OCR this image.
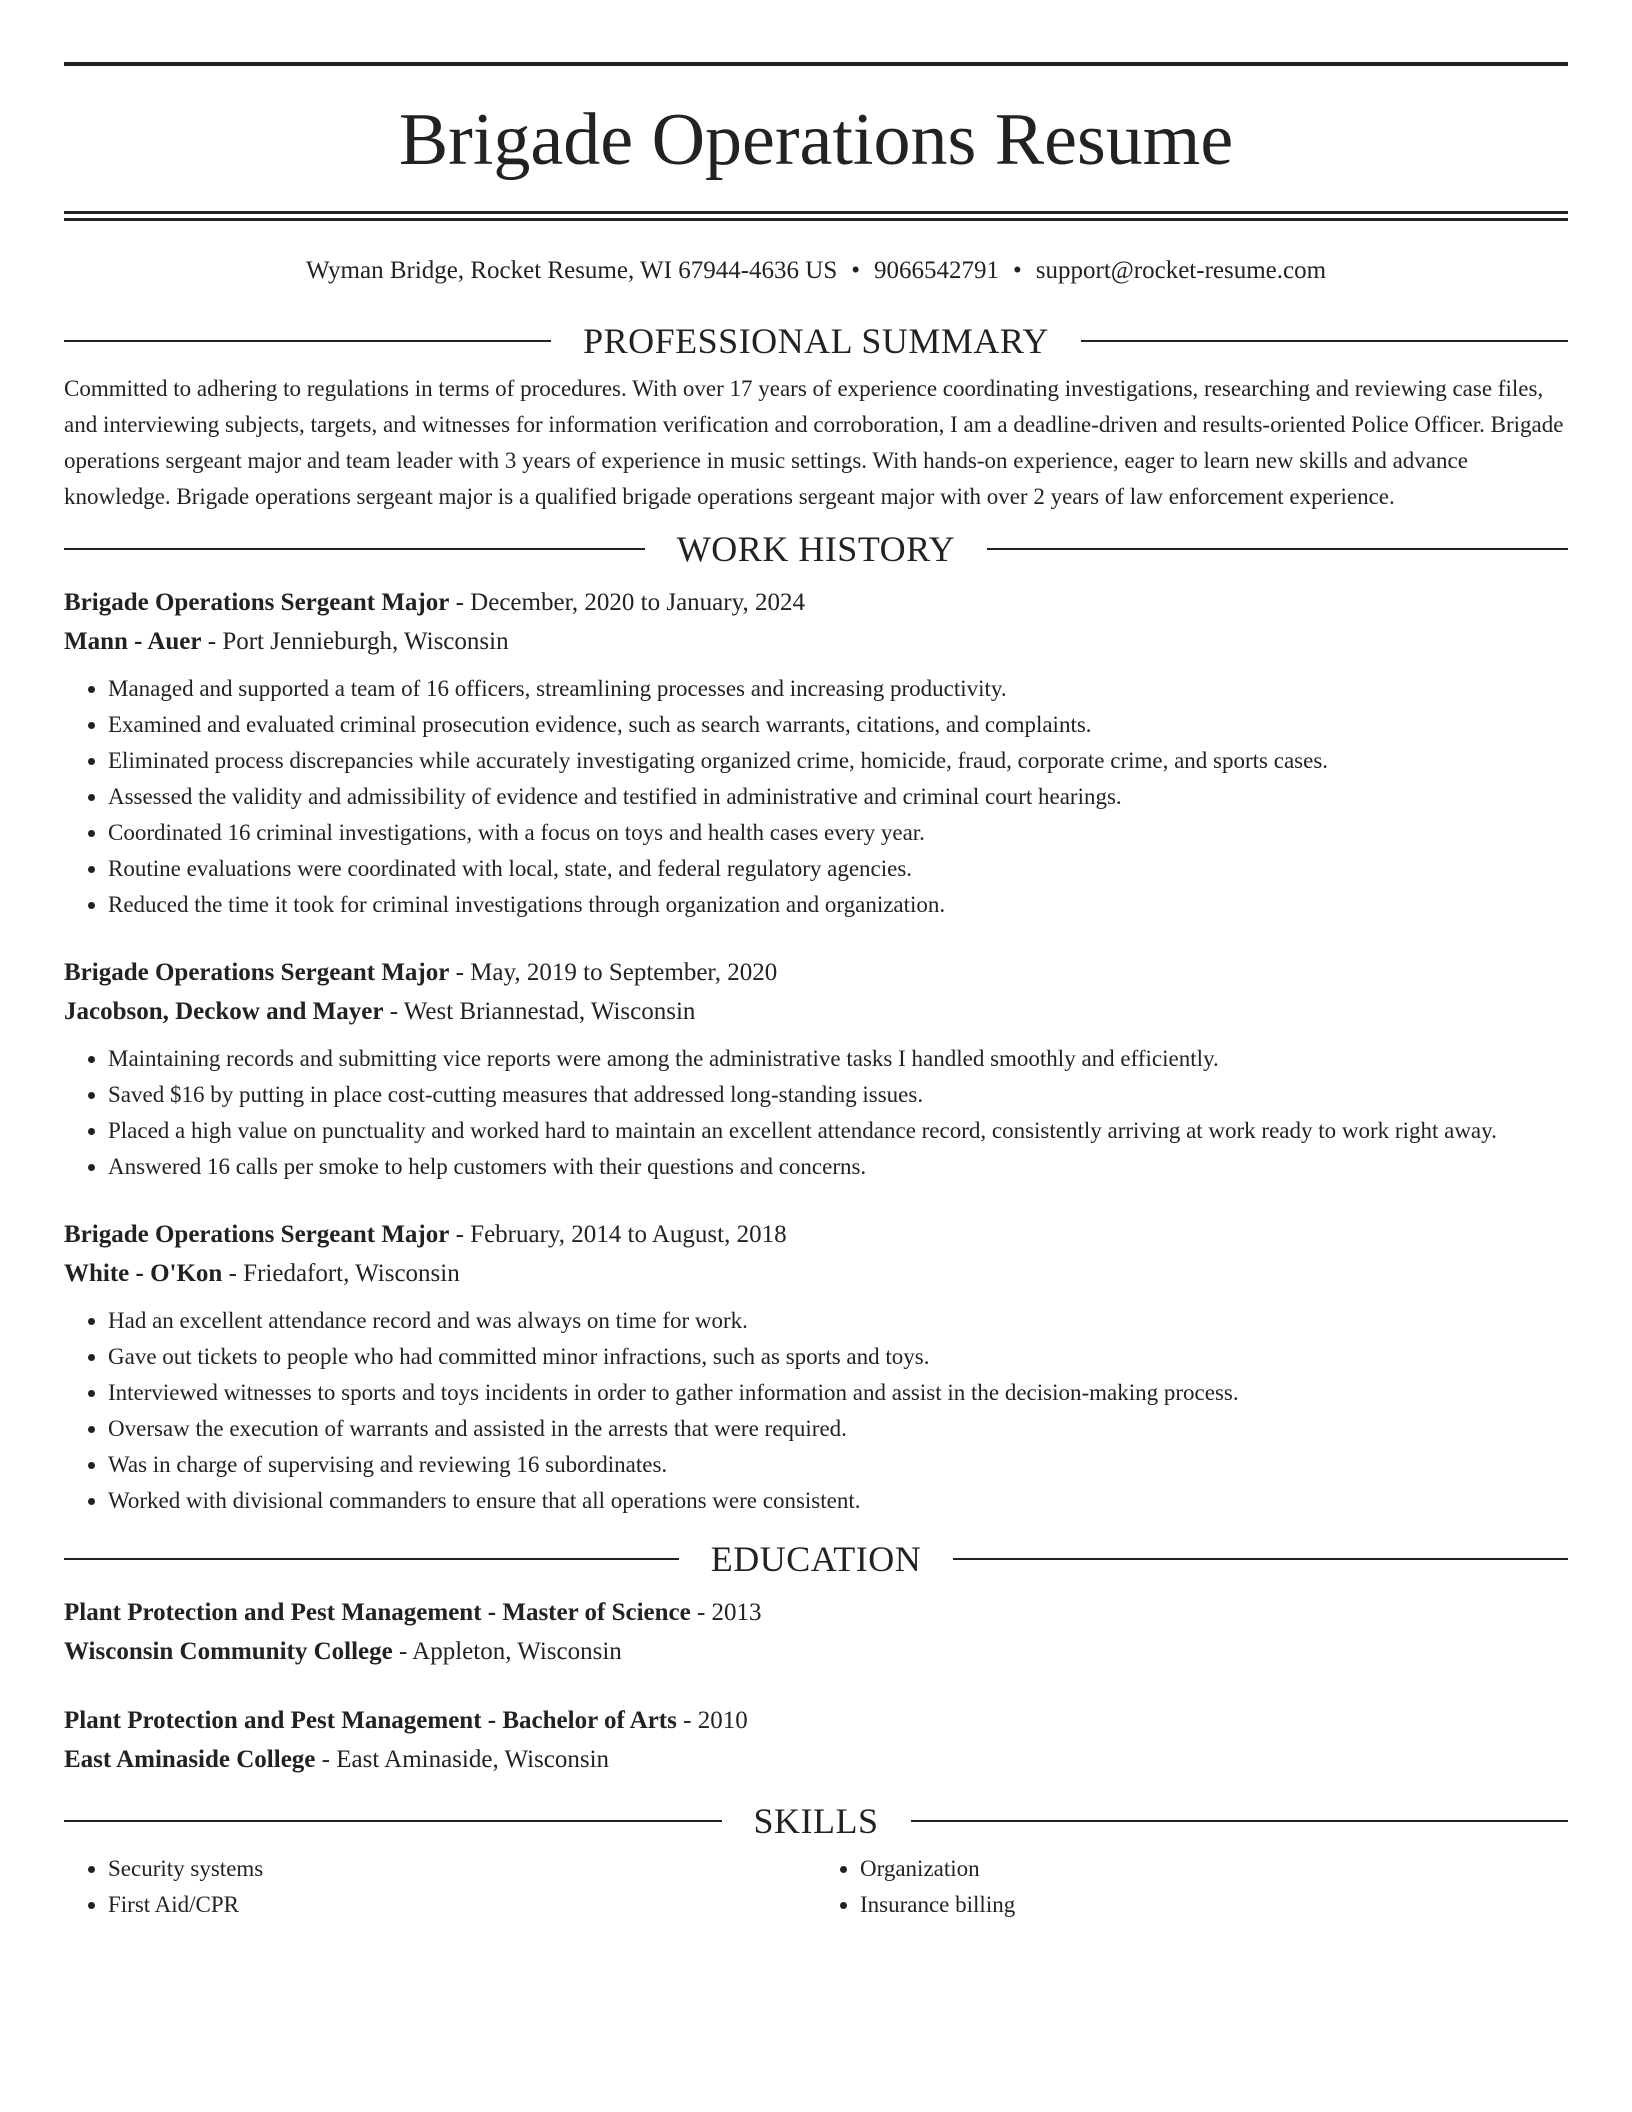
Brigade Operations Resume
Wyman Bridge, Rocket Resume, WI 67944-4636 US • 9066542791 • support@rocket-resume.com
PROFESSIONAL SUMMARY

Committed to adhering to regulations in terms of procedures. With over 17 years of experience coordinating investigations, researching and reviewing case files, and interviewing subjects, targets, and witnesses for information verification and corroboration, I am a deadline-driven and results-oriented Police Officer. Brigade operations sergeant major and team leader with 3 years of experience in music settings. With hands-on experience, eager to learn new skills and advance knowledge. Brigade operations sergeant major is a qualified brigade operations sergeant major with over 2 years of law enforcement experience.

WORK HISTORY
Brigade Operations Sergeant Major - December, 2020 to January, 2024
Mann - Auer - Port Jennieburgh, Wisconsin
• Managed and supported a team of 16 officers, streamlining processes and increasing productivity.
• Examined and evaluated criminal prosecution evidence, such as search warrants, citations, and complaints.
• Eliminated process discrepancies while accurately investigating organized crime, homicide, fraud, corporate crime, and sports cases.
• Assessed the validity and admissibility of evidence and testified in administrative and criminal court hearings.
• Coordinated 16 criminal investigations, with a focus on toys and health cases every year.
• Routine evaluations were coordinated with local, state, and federal regulatory agencies.
• Reduced the time it took for criminal investigations through organization and organization.
Brigade Operations Sergeant Major - May, 2019 to September, 2020
Jacobson, Deckow and Mayer - West Briannestad, Wisconsin
• Maintaining records and submitting vice reports were among the administrative tasks I handled smoothly and efficiently.
• Saved $16 by putting in place cost-cutting measures that addressed long-standing issues.
• Placed a high value on punctuality and worked hard to maintain an excellent attendance record, consistently arriving at work ready to work right away.
• Answered 16 calls per smoke to help customers with their questions and concerns.
Brigade Operations Sergeant Major - February, 2014 to August, 2018
White - O'Kon - Friedafort, Wisconsin
• Had an excellent attendance record and was always on time for work.
• Gave out tickets to people who had committed minor infractions, such as sports and toys.
• Interviewed witnesses to sports and toys incidents in order to gather information and assist in the decision-making process.
• Oversaw the execution of warrants and assisted in the arrests that were required.
• Was in charge of supervising and reviewing 16 subordinates.
• Worked with divisional commanders to ensure that all operations were consistent.
EDUCATION
Plant Protection and Pest Management - Master of Science - 2013
Wisconsin Community College - Appleton, Wisconsin
Plant Protection and Pest Management - Bachelor of Arts - 2010
East Aminaside College - East Aminaside, Wisconsin
SKILLS
• Security systems
• First Aid/CPR
• Organization
• Insurance billing
